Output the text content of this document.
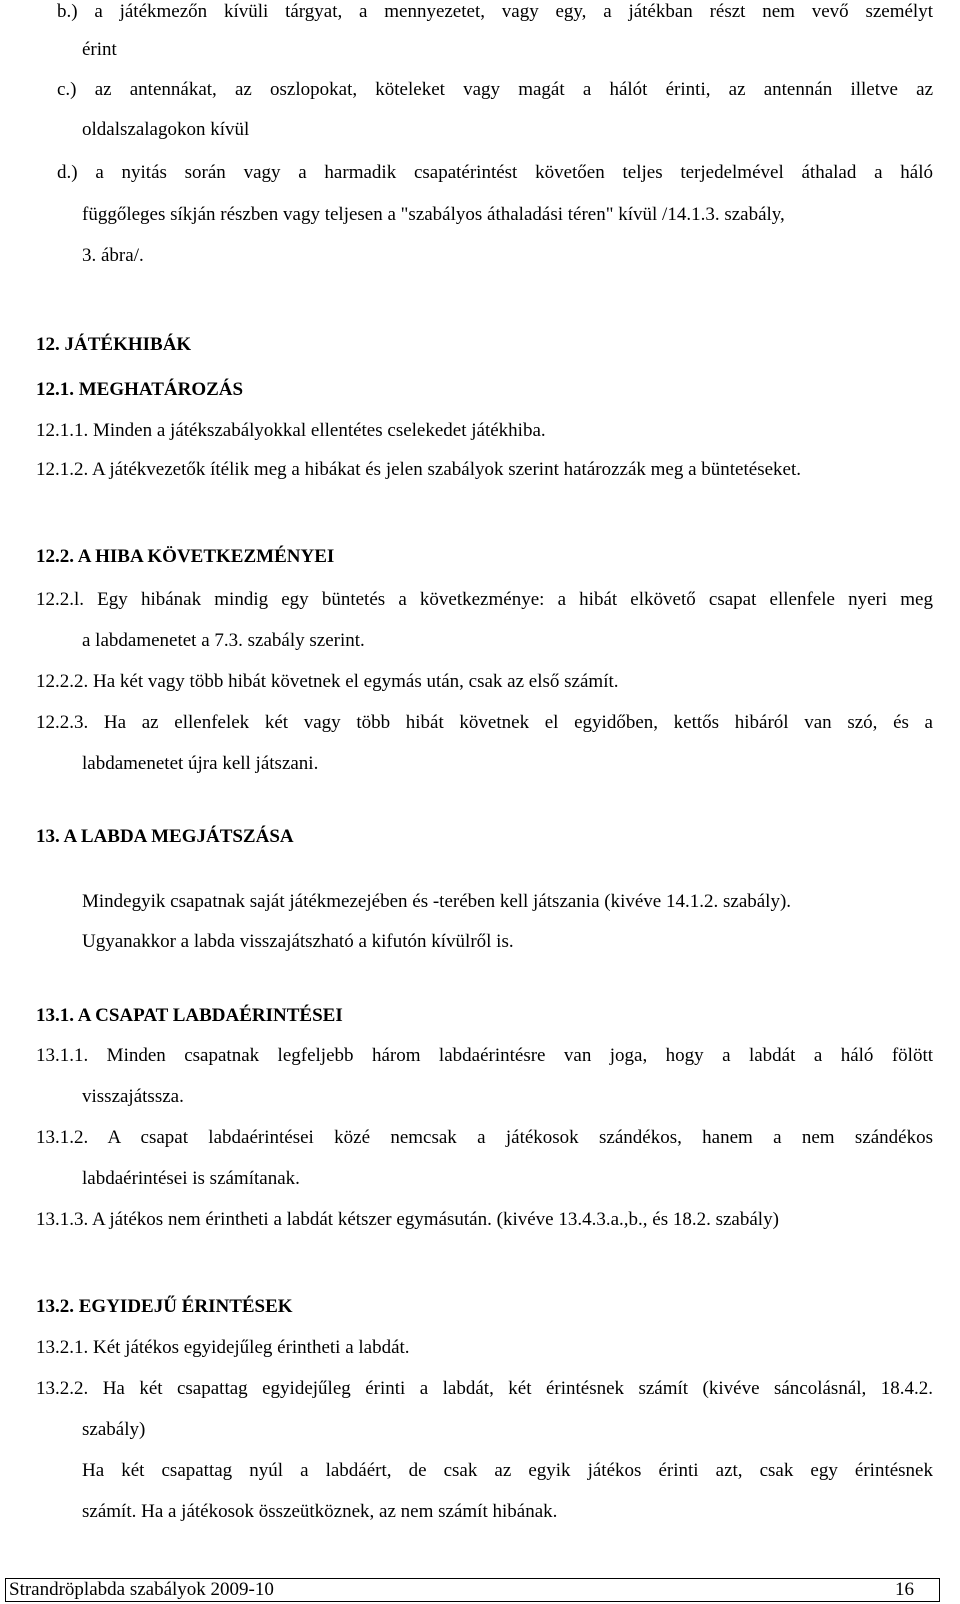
b.) a játékmezőn kívüli tárgyat, a mennyezetet, vagy egy, a játékban részt nem vevő személyt
érint
c.) az antennákat, az oszlopokat, köteleket vagy magát a hálót érinti, az antennán illetve az
oldalszalagokon kívül
d.) a nyitás során vagy a harmadik csapatérintést követően teljes terjedelmével áthalad a háló
függőleges síkján részben vagy teljesen a "szabályos áthaladási téren" kívül /14.1.3. szabály,
3. ábra/.
12. JÁTÉKHIBÁK
12.1. MEGHATÁROZÁS
12.1.1. Minden a játékszabályokkal ellentétes cselekedet játékhiba.
12.1.2. A játékvezetők ítélik meg a hibákat és jelen szabályok szerint határozzák meg a büntetéseket.
12.2. A HIBA KÖVETKEZMÉNYEI
12.2.l. Egy hibának mindig egy büntetés a következménye: a hibát elkövető csapat ellenfele nyeri meg
a labdamenetet a 7.3. szabály szerint.
12.2.2. Ha két vagy több hibát követnek el egymás után, csak az első számít.
12.2.3. Ha az ellenfelek két vagy több hibát követnek el egyidőben, kettős hibáról van szó, és a
labdamenetet újra kell játszani.
13. A LABDA MEGJÁTSZÁSA
Mindegyik csapatnak saját játékmezejében és -terében kell játszania (kivéve 14.1.2. szabály).
Ugyanakkor a labda visszajátszható a kifutón kívülről is.
13.1. A CSAPAT LABDAÉRINTÉSEI
13.1.1. Minden csapatnak legfeljebb három labdaérintésre van joga, hogy a labdát a háló fölött
visszajátssza.
13.1.2. A csapat labdaérintései közé nemcsak a játékosok szándékos, hanem a nem szándékos
labdaérintései is számítanak.
13.1.3. A játékos nem érintheti a labdát kétszer egymásután. (kivéve 13.4.3.a.,b., és 18.2. szabály)
13.2. EGYIDEJŰ ÉRINTÉSEK
13.2.1. Két játékos egyidejűleg érintheti a labdát.
13.2.2. Ha két csapattag egyidejűleg érinti a labdát, két érintésnek számít (kivéve sáncolásnál, 18.4.2.
szabály)
Ha két csapattag nyúl a labdáért, de csak az egyik játékos érinti azt, csak egy érintésnek
számít. Ha a játékosok összeütköznek, az nem számít hibának.
Strandröplabda szabályok 2009-10	16
